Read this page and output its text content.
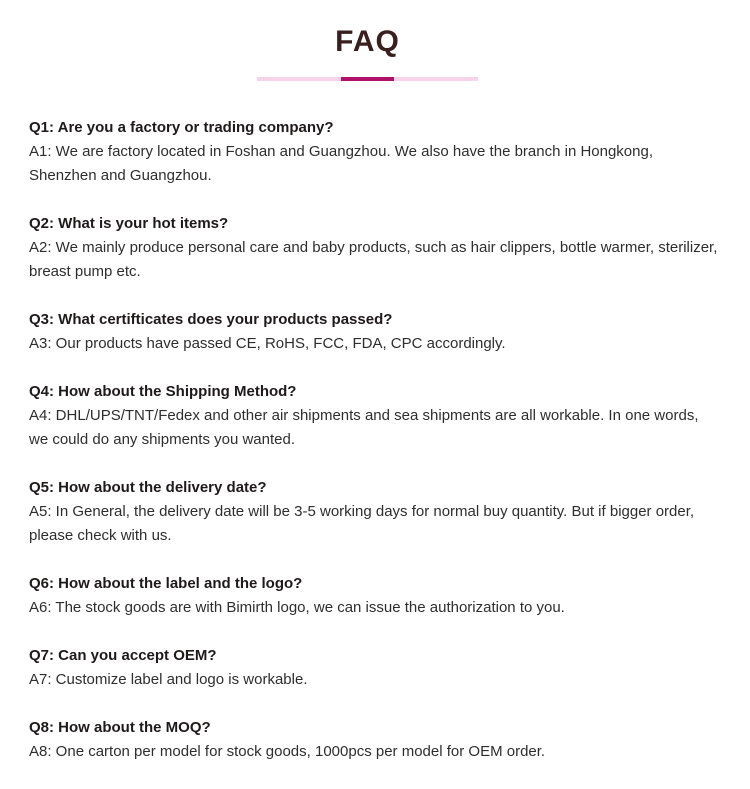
FAQ
Q1: Are you a factory or trading company?
A1: We are factory located in Foshan and Guangzhou. We also have the branch in Hongkong, Shenzhen and Guangzhou.
Q2: What is your hot items?
A2: We mainly produce personal care and baby products, such as hair clippers, bottle warmer, sterilizer, breast pump etc.
Q3: What certifticates does your products passed?
A3: Our products have passed CE, RoHS, FCC, FDA, CPC accordingly.
Q4: How about the Shipping Method?
A4: DHL/UPS/TNT/Fedex and other air shipments and sea shipments are all workable. In one words, we could do any shipments you wanted.
Q5: How about the delivery date?
A5: In General, the delivery date will be 3-5 working days for normal buy quantity. But if bigger order, please check with us.
Q6: How about the label and the logo?
A6: The stock goods are with Bimirth logo, we can issue the authorization to you.
Q7: Can you accept OEM?
A7: Customize label and logo is workable.
Q8: How about the MOQ?
A8: One carton per model for stock goods, 1000pcs per model for OEM order.
